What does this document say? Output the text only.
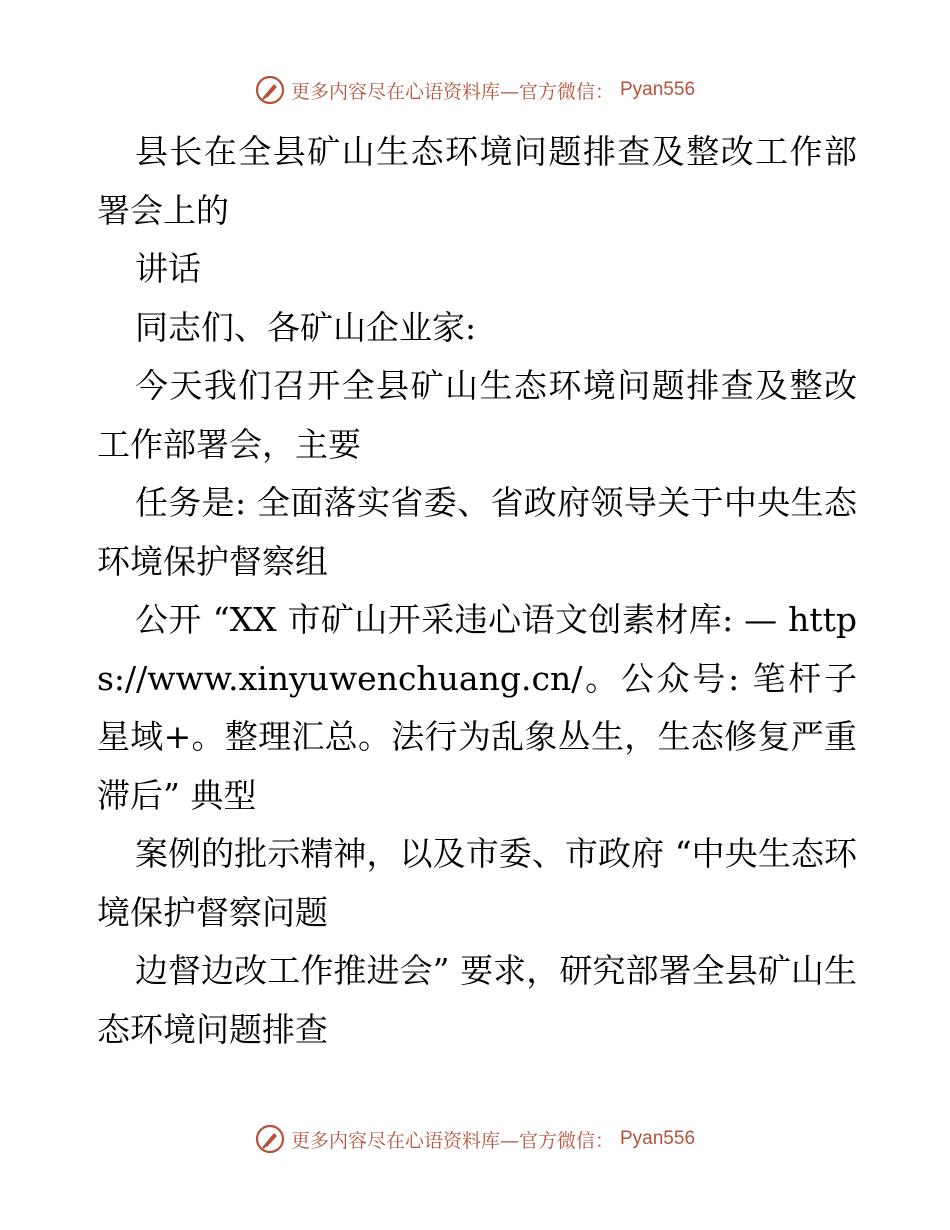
更多内容尽在心语资料库—官方微信： Pyan556

县长在全县矿山生态环境问题排查及整改工作部署会上的

讲话

同志们、各矿山企业家:

今天我们召开全县矿山生态环境问题排查及整改工作部署会，主要

任务是: 全面落实省委、省政府领导关于中央生态环境保护督察组

公开 “XX 市矿山开采违心语文创素材库: — https://www.xinyuwenchuang.cn/。公众号: 笔杆子星域+。整理汇总。法行为乱象丛生，生态修复严重滞后” 典型

案例的批示精神，以及市委、市政府 “中央生态环境保护督察问题

边督边改工作推进会” 要求，研究部署全县矿山生态环境问题排查

更多内容尽在心语资料库—官方微信： Pyan556
